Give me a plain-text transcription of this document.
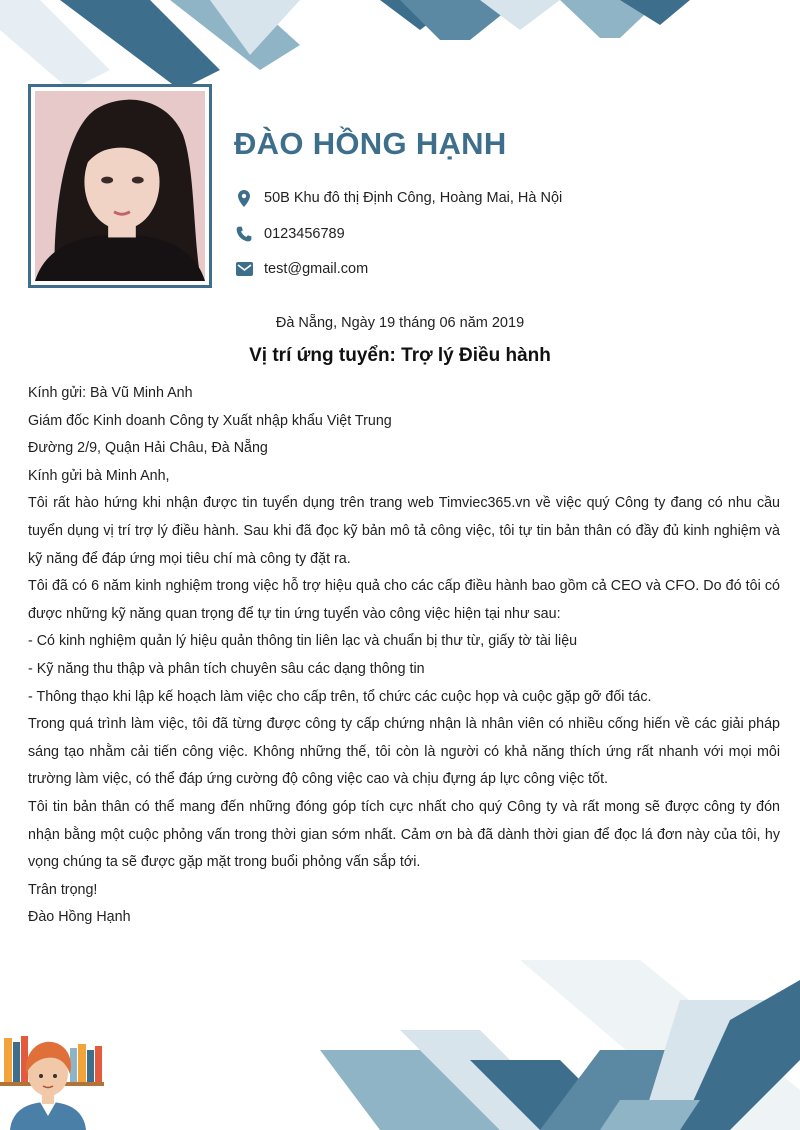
ĐÀO HỒNG HẠNH
50B Khu đô thị Định Công, Hoàng Mai, Hà Nội
0123456789
test@gmail.com
Đà Nẵng, Ngày 19 tháng 06 năm 2019
Vị trí ứng tuyển: Trợ lý Điều hành

Kính gửi: Bà Vũ Minh Anh

Giám đốc Kinh doanh Công ty Xuất nhập khẩu Việt Trung

Đường 2/9, Quận Hải Châu, Đà Nẵng

Kính gửi bà Minh Anh,

Tôi rất hào hứng khi nhận được tin tuyển dụng trên trang web Timviec365.vn về việc quý Công ty đang có nhu cầu tuyển dụng vị trí trợ lý điều hành. Sau khi đã đọc kỹ bản mô tả công việc, tôi tự tin bản thân có đầy đủ kinh nghiệm và kỹ năng để đáp ứng mọi tiêu chí mà công ty đặt ra.

Tôi đã có 6 năm kinh nghiệm trong việc hỗ trợ hiệu quả cho các cấp điều hành bao gồm cả CEO và CFO. Do đó tôi có được những kỹ năng quan trọng để tự tin ứng tuyển vào công việc hiện tại như sau:

- Có kinh nghiệm quản lý hiệu quản thông tin liên lạc và chuẩn bị thư từ, giấy tờ tài liệu

- Kỹ năng thu thập và phân tích chuyên sâu các dạng thông tin

- Thông thạo khi lập kế hoạch làm việc cho cấp trên, tổ chức các cuộc họp và cuộc gặp gỡ đối tác.

Trong quá trình làm việc, tôi đã từng được công ty cấp chứng nhận là nhân viên có nhiều cống hiến về các giải pháp sáng tạo nhằm cải tiến công việc. Không những thế, tôi còn là người có khả năng thích ứng rất nhanh với mọi môi trường làm việc, có thể đáp ứng cường độ công việc cao và chịu đựng áp lực công việc tốt.

Tôi tin bản thân có thể mang đến những đóng góp tích cực nhất cho quý Công ty và rất mong sẽ được công ty đón nhận bằng một cuộc phỏng vấn trong thời gian sớm nhất. Cảm ơn bà đã dành thời gian để đọc lá đơn này của tôi, hy vọng chúng ta sẽ được gặp mặt trong buổi phỏng vấn sắp tới.

Trân trọng!

Đào Hồng Hạnh
